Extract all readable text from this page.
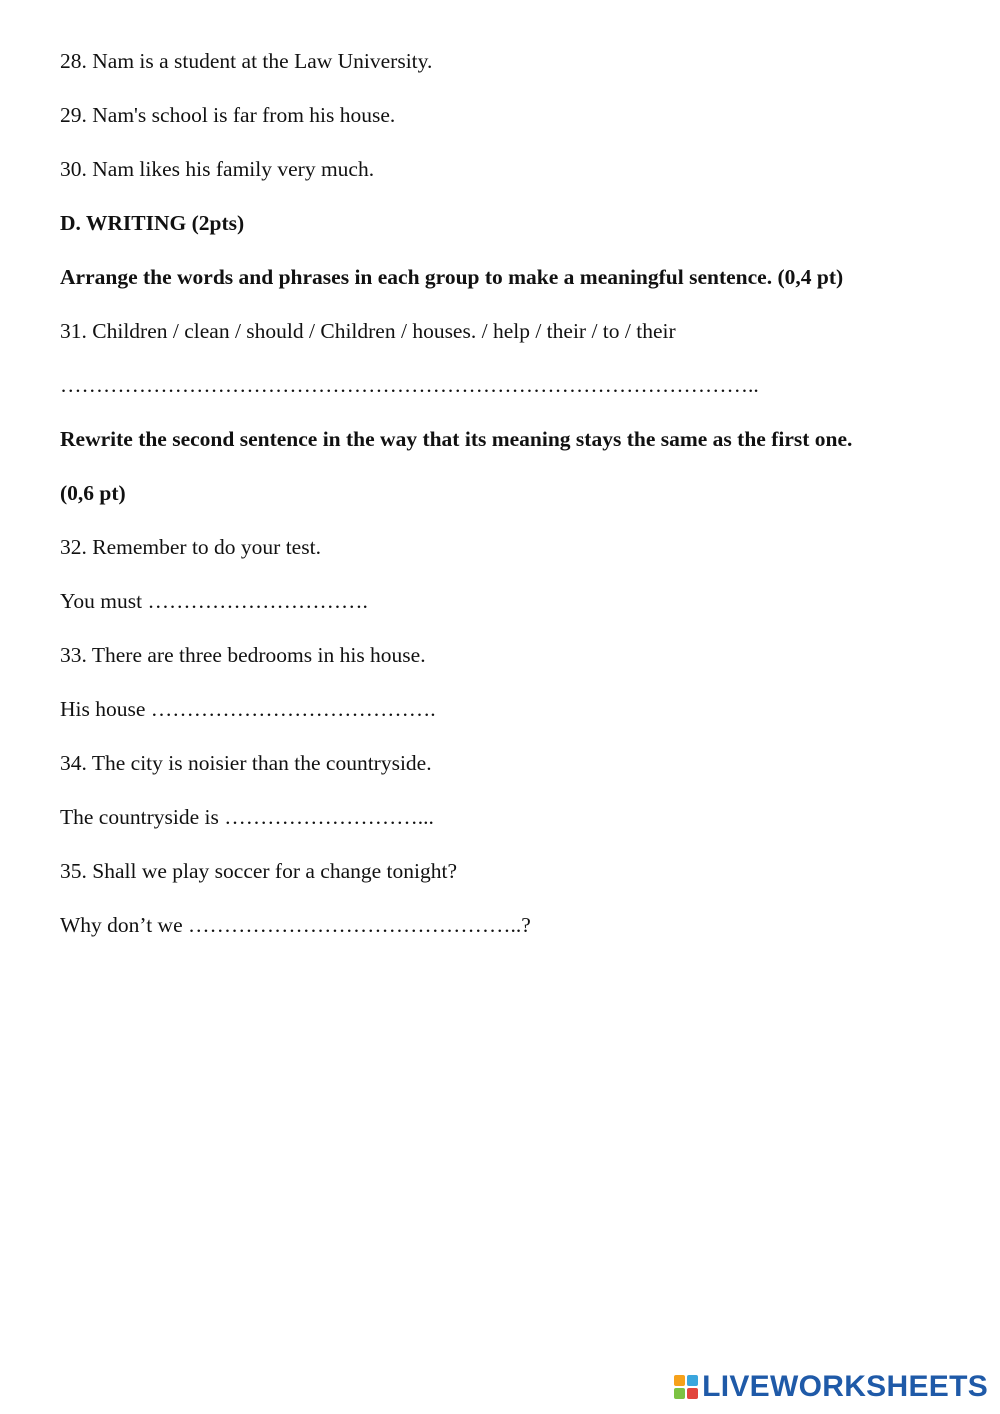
28. Nam is a student at the Law University.

29. Nam's school is far from his house.

30. Nam likes his family very much.

D. WRITING (2pts)

Arrange the words and phrases in each group to make a meaningful sentence. (0,4 pt)

31. Children / clean / should / Children / houses. / help / their / to / their

……………………………………………………………………………………..

Rewrite the second sentence in the way that its meaning stays the same as the first one.

(0,6 pt)

32. Remember to do your test.

You must ………………………….

33. There are three bedrooms in his house.

His house ………………………………….

34. The city is noisier than the countryside.

The countryside is ………………………...

35. Shall we play soccer for a change tonight?

Why don’t we ………………………………………..?

LIVEWORKSHEETS
